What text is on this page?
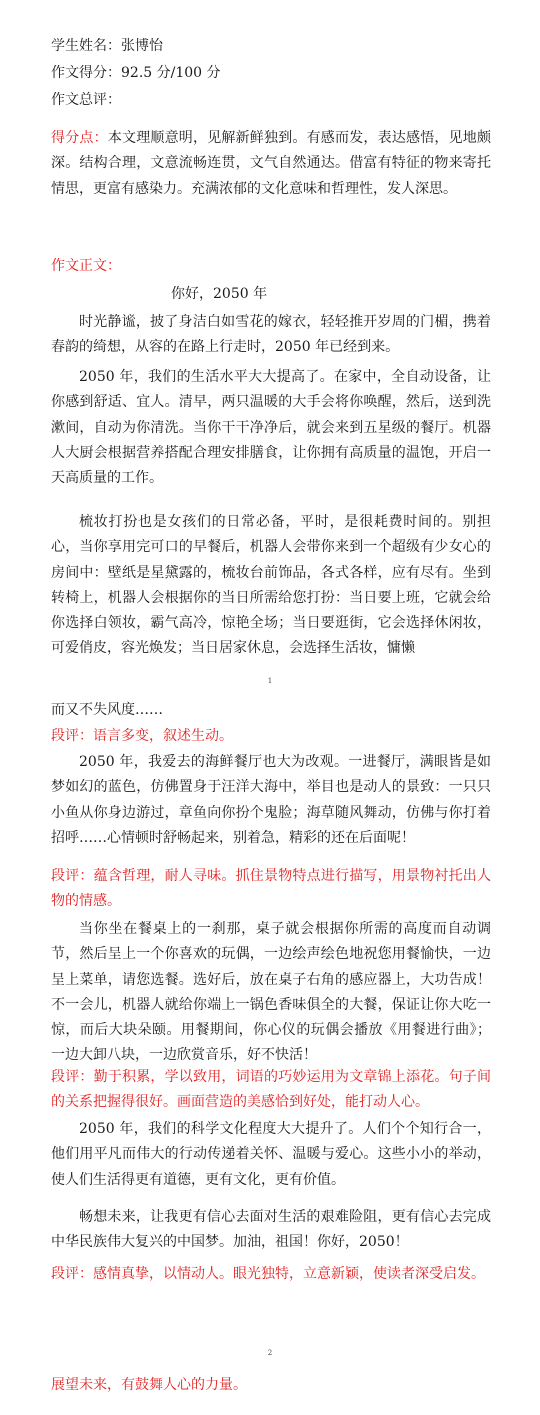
学生姓名：张博怡
作文得分：92.5 分/100 分
作文总评：
得分点：本文理顺意明，见解新鲜独到。有感而发，表达感悟，见地颇深。结构合理，文意流畅连贯，文气自然通达。借富有特征的物来寄托情思，更富有感染力。充满浓郁的文化意味和哲理性，发人深思。
作文正文：
你好，2050 年
时光静谧，披了身洁白如雪花的嫁衣，轻轻推开岁周的门楣，携着春韵的绮想，从容的在路上行走时，2050 年已经到来。
2050 年，我们的生活水平大大提高了。在家中，全自动设备，让你感到舒适、宜人。清早，两只温暖的大手会将你唤醒，然后，送到洗漱间，自动为你清洗。当你干干净净后，就会来到五星级的餐厅。机器人大厨会根据营养搭配合理安排膳食，让你拥有高质量的温饱，开启一天高质量的工作。
梳妆打扮也是女孩们的日常必备，平时，是很耗费时间的。别担心，当你享用完可口的早餐后，机器人会带你来到一个超级有少女心的房间中：壁纸是星黛露的，梳妆台前饰品，各式各样，应有尽有。坐到转椅上，机器人会根据你的当日所需给您打扮：当日要上班，它就会给你选择白领妆，霸气高冷，惊艳全场；当日要逛街，它会选择休闲妆，可爱俏皮，容光焕发；当日居家休息，会选择生活妆，慵懒
1
而又不失风度……
段评：语言多变，叙述生动。
2050 年，我爱去的海鲜餐厅也大为改观。一进餐厅，满眼皆是如梦如幻的蓝色，仿佛置身于汪洋大海中，举目也是动人的景致：一只只小鱼从你身边游过，章鱼向你扮个鬼脸；海草随风舞动，仿佛与你打着招呼……心情顿时舒畅起来，别着急，精彩的还在后面呢！
段评：蕴含哲理，耐人寻味。抓住景物特点进行描写，用景物衬托出人物的情感。
当你坐在餐桌上的一刹那，桌子就会根据你所需的高度而自动调节，然后呈上一个你喜欢的玩偶，一边绘声绘色地祝您用餐愉快，一边呈上菜单，请您选餐。选好后，放在桌子右角的感应器上，大功告成！不一会儿，机器人就给你端上一锅色香味俱全的大餐，保证让你大吃一惊，而后大块朵颐。用餐期间，你心仪的玩偶会播放《用餐进行曲》；一边大卸八块，一边欣赏音乐，好不快活！
段评：勤于积累，学以致用，词语的巧妙运用为文章锦上添花。句子间的关系把握得很好。画面营造的美感恰到好处，能打动人心。
2050 年，我们的科学文化程度大大提升了。人们个个知行合一，他们用平凡而伟大的行动传递着关怀、温暖与爱心。这些小小的举动，使人们生活得更有道德，更有文化，更有价值。
畅想未来，让我更有信心去面对生活的艰难险阻，更有信心去完成中华民族伟大复兴的中国梦。加油，祖国！你好，2050！
段评：感情真挚，以情动人。眼光独特，立意新颖，使读者深受启发。
2
展望未来，有鼓舞人心的力量。
